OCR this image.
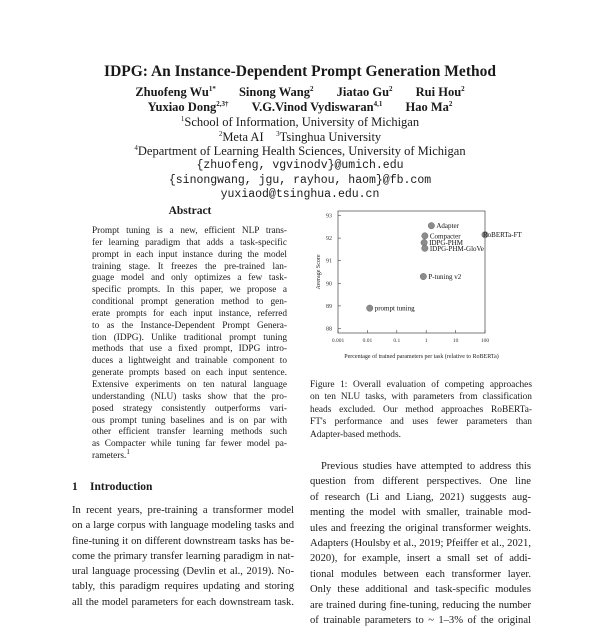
IDPG: An Instance-Dependent Prompt Generation Method
Zhuofeng $Wu^{1*}$ Sinong Wang$^2$ Jiatao Gu$^2$ Rui Hou$^2$
Yuxiao Dong$^{2,3\dagger}$ V.G.Vinod Vydiswaran$^{4,1}$ Hao Ma$^2$
$^1$School of Information, University of Michigan
$^2$Meta AI $^3$Tsinghua University
$^4$Department of Learning Health Sciences, University of Michigan
{zhuofeng, vgvinodv}@umich.edu
{sinongwang, jgu, rayhou, haom}@fb.com
yuxiaod@tsinghua.edu.cn
Abstract
Prompt tuning is a new, efficient NLP trans-
fer learning paradigm that adds a task-specific
prompt in each input instance during the model
training stage. It freezes the pre-trained lan-
guage model and only optimizes a few task-
specific prompts. In this paper, we propose a
conditional prompt generation method to gen-
erate prompts for each input instance, referred
to as the Instance-Dependent Prompt Genera-
tion (IDPG). Unlike traditional prompt tuning
methods that use a fixed prompt, IDPG intro-
duces a lightweight and trainable component to
generate prompts based on each input sentence.
Extensive experiments on ten natural language
understanding (NLU) tasks show that the pro-
posed strategy consistently outperforms vari-
ous prompt tuning baselines and is on par with
other efficient transfer learning methods such
as Compacter while tuning far fewer model pa-
rameters.$^1$
1 Introduction
In recent years, pre-training a transformer model
on a large corpus with language modeling tasks and
fine-tuning it on different downstream tasks has be-
come the primary transfer learning paradigm in nat-
ural language processing (Devlin et al., 2019). No-
tably, this paradigm requires updating and storing
all the model parameters for each downstream task.
88
89
90
91
92
93
0.001	0.01	0.1	1	10	100
Percentage of trained parameters per task (relative to RoBERTa)
Average Score
Adapter
Compacter
IDPG-PHM
IDPG-PHM-GloVe
RoBERTa-FT
P-tuning v2
prompt tuning
Figure 1: Overall evaluation of competing approaches
on ten NLU tasks, with parameters from classification
heads excluded. Our method approaches RoBERTa-
FT's performance and uses fewer parameters than
Adapter-based methods.
Previous studies have attempted to address this
question from different perspectives. One line
of research (Li and Liang, 2021) suggests aug-
menting the model with smaller, trainable mod-
ules and freezing the original transformer weights.
Adapters (Houlsby et al., 2019; Pfeiffer et al., 2021,
2020), for example, insert a small set of addi-
tional modules between each transformer layer.
Only these additional and task-specific modules
are trained during fine-tuning, reducing the number
of trainable parameters to ~ 1–3% of the original
